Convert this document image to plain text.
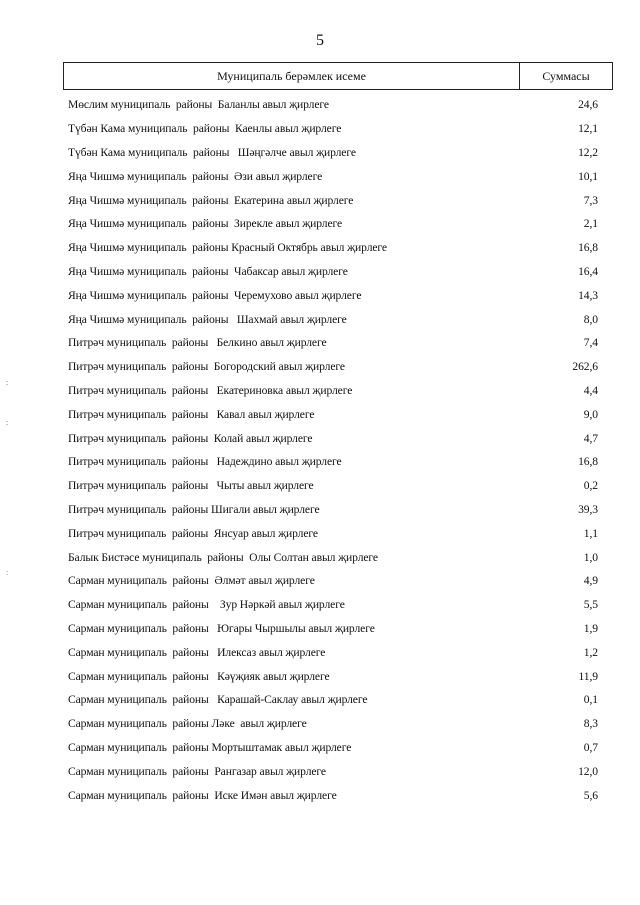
5
Муниципаль берәмлек исеме	Суммасы
Мөслим муниципаль  районы  Баланлы авыл җирлеге	24,6
Түбән Кама муниципаль  районы  Каенлы авыл җирлеге	12,1
Түбән Кама муниципаль  районы   Шәңгәлче авыл җирлеге	12,2
Яңа Чишмә муниципаль  районы  Әзи авыл җирлеге	10,1
Яңа Чишмә муниципаль  районы  Екатерина авыл җирлеге	7,3
Яңа Чишмә муниципаль  районы  Зирекле авыл җирлеге	2,1
Яңа Чишмә муниципаль  районы Красный Октябрь авыл җирлеге	16,8
Яңа Чишмә муниципаль  районы  Чабаксар авыл җирлеге	16,4
Яңа Чишмә муниципаль  районы  Черемухово авыл җирлеге	14,3
Яңа Чишмә муниципаль  районы   Шахмай авыл җирлеге	8,0
Питрәч муниципаль  районы   Белкино авыл җирлеге	7,4
Питрәч муниципаль  районы  Богородский авыл җирлеге	262,6
Питрәч муниципаль  районы   Екатериновка авыл җирлеге	4,4
Питрәч муниципаль  районы   Кавал авыл җирлеге	9,0
Питрәч муниципаль  районы  Колай авыл җирлеге	4,7
Питрәч муниципаль  районы   Надеждино авыл җирлеге	16,8
Питрәч муниципаль  районы   Чыты авыл җирлеге	0,2
Питрәч муниципаль  районы Шигали авыл җирлеге	39,3
Питрәч муниципаль  районы  Янсуар авыл җирлеге	1,1
Балык Бистәсе муниципаль  районы  Олы Солтан авыл җирлеге	1,0
Сарман муниципаль  районы  Әлмәт авыл җирлеге	4,9
Сарман муниципаль  районы    Зур Нәркәй авыл җирлеге	5,5
Сарман муниципаль  районы   Югары Чыршылы авыл җирлеге	1,9
Сарман муниципаль  районы   Илексаз авыл җирлеге	1,2
Сарман муниципаль  районы   Кәүҗияк авыл җирлеге	11,9
Сарман муниципаль  районы   Карашай-Саклау авыл җирлеге	0,1
Сарман муниципаль  районы Ләке  авыл җирлеге	8,3
Сарман муниципаль  районы Мортыштамак авыл җирлеге	0,7
Сарман муниципаль  районы  Рангазар авыл җирлеге	12,0
Сарман муниципаль  районы  Иске Имән авыл җирлеге	5,6
:
:
:
